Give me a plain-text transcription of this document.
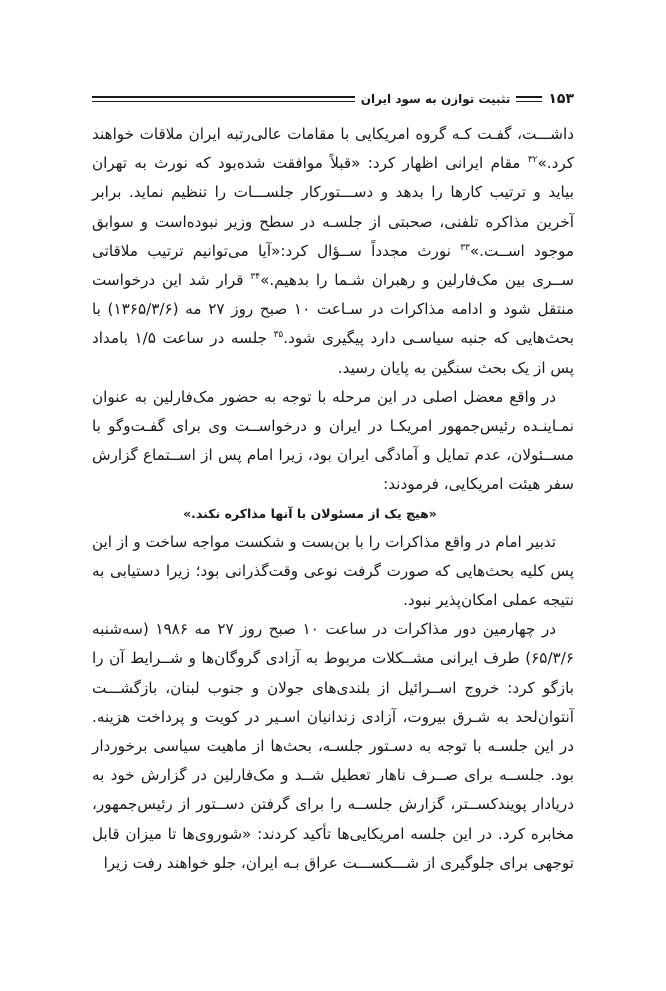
۱۵۳
تثبیت توازن به سود ایران

داشـــت، گفـت کـه گروه امریکایی با مقامات عالی‌رتبه ایران ملاقات خواهند کرد.»$^{۳۲}$ مقام ایرانی اظهار کرد: «قبلاً موافقت شده‌بود که نورث به تهران بیاید و ترتیب کارها را بدهد و دســـتورکار جلســـات را تنظیم نماید. برابر آخرین مذاکره تلفنی، صحبتی از جلسـه در سطح وزیر نبوده‌است و سوابق موجود اســت.»$^{۳۳}$ نورث مجدداً ســؤال کرد:«آیا می‌توانیم ترتیب ملاقاتی ســری بین مک‌فارلین و رهبران شـما را بدهیم.»$^{۳۴}$ قرار شد این درخواست منتقل شود و ادامه مذاکرات در سـاعت ۱۰ صبح روز ۲۷ مه (۱۳۶۵/۳/۶) با بحث‌هایی که جنبه سیاسـی دارد پیگیری شود.$^{۳۵}$ جلسه در ساعت ۱/۵ بامداد پس از یک بحث سنگین به پایان رسید.

در واقع معضل اصلی در این مرحله با توجه به حضور مک‌فارلین به عنوان نمـاینـده رئیس‌جمهور امریکـا در ایران و درخواســت وی برای گفـت‌وگو با مســئولان، عدم تمایل و آمادگی ایران بود، زیرا امام پس از اســتماع گزارش سفر هیئت امریکایی، فرمودند:

«هیچ یک از مسئولان با آنها مذاکره نکند.»

تدبیر امام در واقع مذاکرات را با بن‌بست و شکست مواجه ساخت و از این پس کلیه بحث‌هایی که صورت گرفت نوعی وقت‌گذرانی بود؛ زیرا دستیابی به نتیجه عملی امکان‌پذیر نبود.

در چهارمین دور مذاکرات در ساعت ۱۰ صبح روز ۲۷ مه ۱۹۸۶ (سه‌شنبه ۶۵/۳/۶) طرف ایرانی مشــکلات مربوط به آزادی گروگان‌ها و شــرایط آن را بازگو کرد: خروج اســرائیل از بلندی‌های جولان و جنوب لبنان، بازگشـــت آنتوان‌لحد به شـرق بیروت، آزادی زندانیان اسـیر در کویت و پرداخت هزینه. در این جلسـه با توجه به دسـتور جلسـه، بحث‌ها از ماهیت سیاسی برخوردار بود. جلســه برای صــرف ناهار تعطیل شــد و مک‌فارلین در گزارش خود به دریادار پویندکســتر، گزارش جلســه را برای گرفتن دســتور از رئیس‌جمهور، مخابره کرد. در این جلسه امریکایی‌ها تأکید کردند: «شوروی‌ها تا میزان قابل توجهی برای جلوگیری از شـــکســـت عراق بـه ایران، جلو خواهند رفت زیرا
